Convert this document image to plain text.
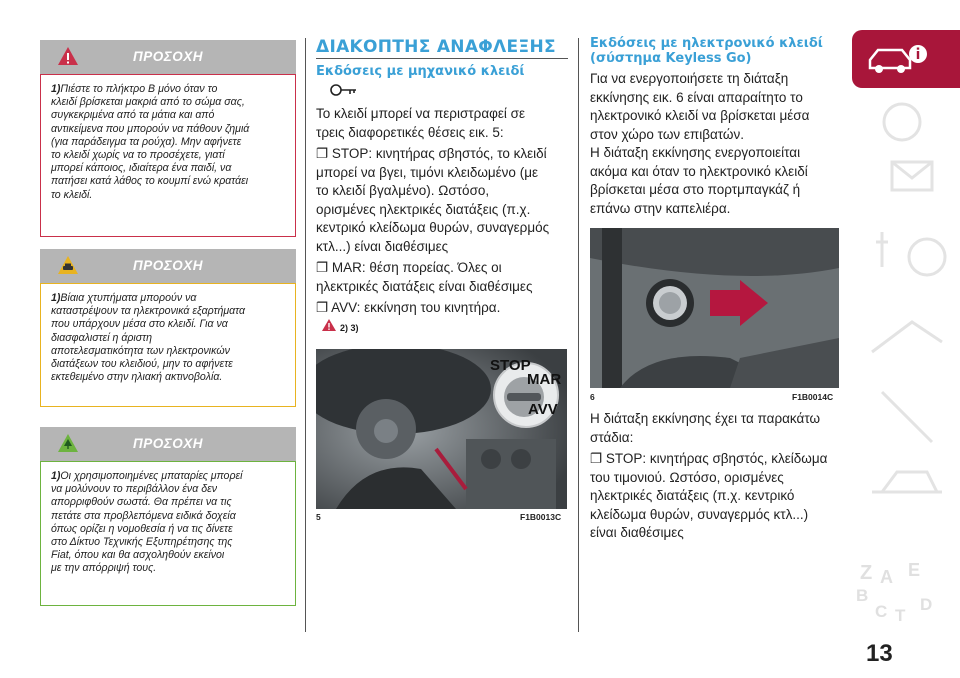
ΠΡΟΣΟΧΗ
1)Πιέστε το πλήκτρο B μόνο όταν το
κλειδί βρίσκεται μακριά από το σώμα σας,
συγκεκριμένα από τα μάτια και από
αντικείμενα που μπορούν να πάθουν ζημιά
(για παράδειγμα τα ρούχα). Μην αφήνετε
το κλειδί χωρίς να το προσέχετε, γιατί
μπορεί κάποιος, ιδιαίτερα ένα παιδί, να
πατήσει κατά λάθος το κουμπί ενώ κρατάει
το κλειδί.
ΠΡΟΣΟΧΗ
1)Βίαια χτυπήματα μπορούν να
καταστρέψουν τα ηλεκτρονικά εξαρτήματα
που υπάρχουν μέσα στο κλειδί. Για να
διασφαλιστεί η άριστη
αποτελεσματικότητα των ηλεκτρονικών
διατάξεων του κλειδιού, μην το αφήνετε
εκτεθειμένο στην ηλιακή ακτινοβολία.
ΠΡΟΣΟΧΗ
1)Οι χρησιμοποιημένες μπαταρίες μπορεί
να μολύνουν το περιβάλλον ένα δεν
απορριφθούν σωστά. Θα πρέπει να τις
πετάτε στα προβλεπόμενα ειδικά δοχεία
όπως ορίζει η νομοθεσία ή να τις δίνετε
στο Δίκτυο Τεχνικής Εξυπηρέτησης της
Fiat, όπου και θα ασχοληθούν εκείνοι
με την απόρριψή τους.
ΔΙΑΚΟΠΤΗΣ ΑΝΑΦΛΕΞΗΣ
Εκδόσεις με μηχανικό κλειδί
Το κλειδί μπορεί να περιστραφεί σε
τρεις διαφορετικές θέσεις εικ. 5:
❐ STOP: κινητήρας σβηστός, το κλειδί
μπορεί να βγει, τιμόνι κλειδωμένο (με
το κλειδί βγαλμένο). Ωστόσο,
ορισμένες ηλεκτρικές διατάξεις (π.χ.
κεντρικό κλείδωμα θυρών, συναγερμός
κτλ...) είναι διαθέσιμες
❐ MAR: θέση πορείας. Όλες οι
ηλεκτρικές διατάξεις είναι διαθέσιμες
❐ AVV: εκκίνηση του κινητήρα.
2) 3)
STOP
MAR
AVV
5	F1B0013C
Εκδόσεις με ηλεκτρονικό κλειδί
(σύστημα Keyless Go)
Για να ενεργοποιήσετε τη διάταξη
εκκίνησης εικ. 6 είναι απαραίτητο το
ηλεκτρονικό κλειδί να βρίσκεται μέσα
στον χώρο των επιβατών.
Η διάταξη εκκίνησης ενεργοποιείται
ακόμα και όταν το ηλεκτρονικό κλειδί
βρίσκεται μέσα στο πορτμπαγκάζ ή
επάνω στην καπελιέρα.
6	F1B0014C
Η διάταξη εκκίνησης έχει τα παρακάτω
στάδια:
❐ STOP: κινητήρας σβηστός, κλείδωμα
του τιμονιού. Ωστόσο, ορισμένες
ηλεκτρικές διατάξεις (π.χ. κεντρικό
κλείδωμα θυρών, συναγερμός κτλ...)
είναι διαθέσιμες
Z E
A
B
C T
D
13
